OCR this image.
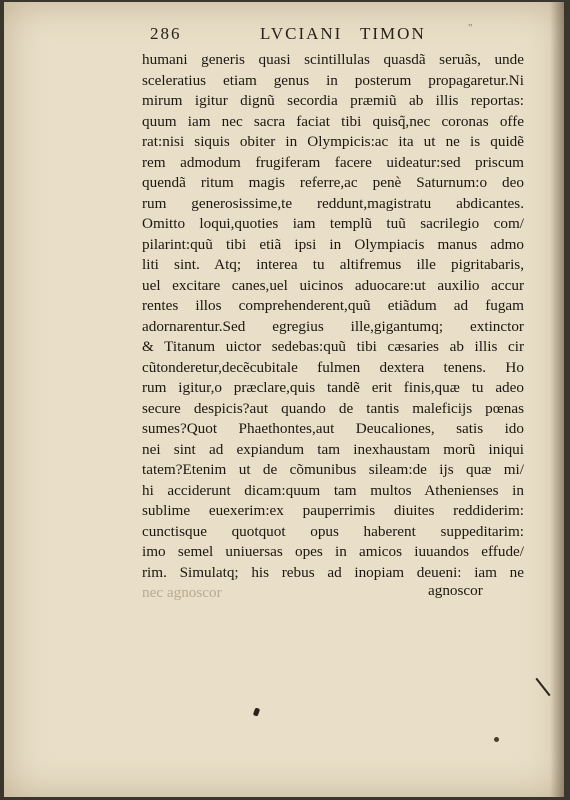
286	LVCIANI TIMON	"
humani generis quasi scintillulas quasdã seruãs, unde
sceleratius etiam genus in posterum propagaretur.Ni
mirum igitur dignũ secordia præmiũ ab illis reportas:
quum iam nec sacra faciat tibi quisq̃,nec coronas offe
rat:nisi siquis obiter in Olympicis:ac ita ut ne is quidẽ
rem admodum frugiferam facere uideatur:sed priscum
quendã ritum magis referre,ac penè Saturnum:o deo
rum generosissime,te reddunt,magistratu abdicantes.
Omitto loqui,quoties iam templũ tuũ sacrilegio com/
pilarint:quũ tibi etiã ipsi in Olympiacis manus admo
liti sint. Atq; interea tu altifremus ille pigritabaris,
uel excitare canes,uel uicinos aduocare:ut auxilio accur
rentes illos comprehenderent,quũ etiãdum ad fugam
adornarentur.Sed egregius ille,gigantumq; extinctor
& Titanum uictor sedebas:quũ tibi cæsaries ab illis cir
cũtonderetur,decẽcubitale fulmen dextera tenens. Ho
rum igitur,o præclare,quis tandẽ erit finis,quæ tu adeo
secure despicis?aut quando de tantis maleficijs pœnas
sumes?Quot Phaethontes,aut Deucaliones, satis ido
nei sint ad expiandum tam inexhaustam morũ iniqui
tatem?Etenim ut de cõmunibus sileam:de ijs quæ mi/
hi acciderunt dicam:quum tam multos Athenienses in
sublime euexerim:ex pauperrimis diuites reddiderim:
cunctisque quotquot opus haberent suppeditarim:
imo semel uniuersas opes in amicos iuuandos effude/
rim. Simulatq; his rebus ad inopiam deueni: iam ne
nec agnoscor	agnoscor
